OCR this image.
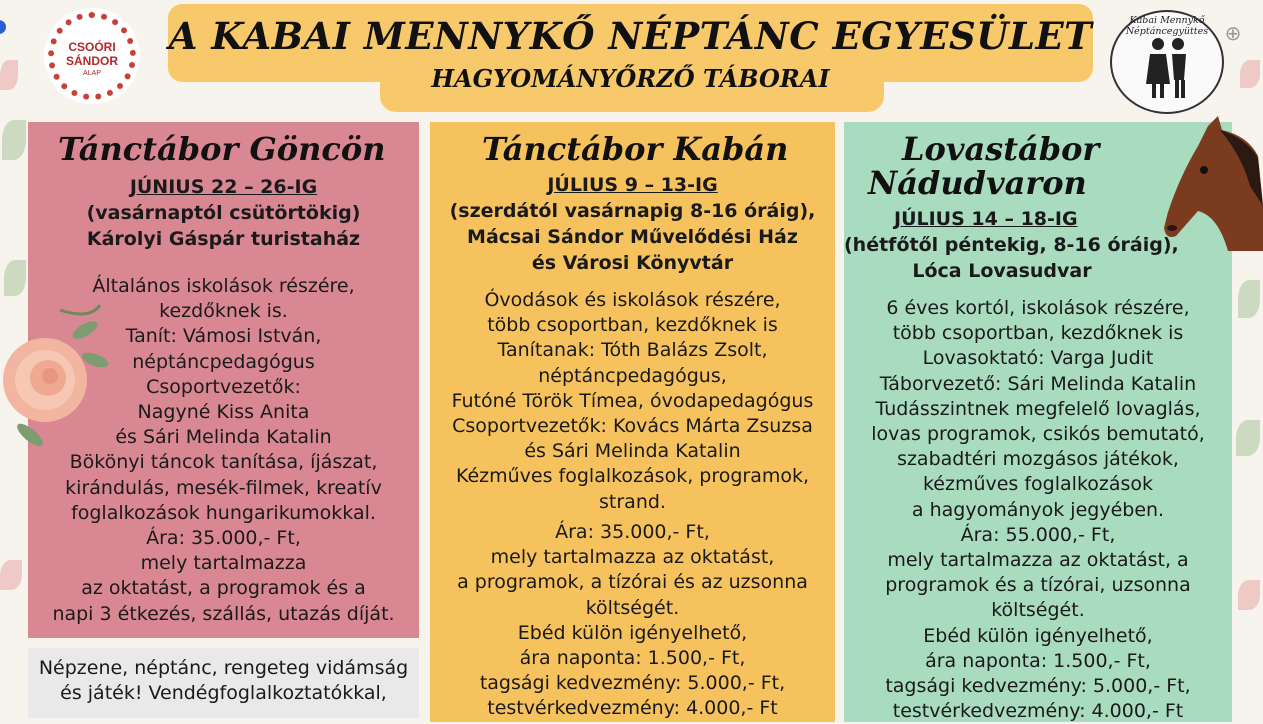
A KABAI MENNYKŐ NÉPTÁNC EGYESÜLET
HAGYOMÁNYŐRZŐ TÁBORAI
CSOÓRI
SÁNDOR
ALAP
Kabai Mennykő Néptáncegyüttes ⊕
Tánctábor Göncön
JÚNIUS 22 – 26-IG
(vasárnaptól csütörtökig)
Károlyi Gáspár turistaház
Általános iskolások részére,
kezdőknek is.
Tanít: Vámosi István,
néptáncpedagógus
Csoportvezetők:
Nagyné Kiss Anita
és Sári Melinda Katalin
Bökönyi táncok tanítása, íjászat,
kirándulás, mesék-filmek, kreatív
foglalkozások hungarikumokkal.
Ára: 35.000,- Ft,
mely tartalmazza
az oktatást, a programok és a
napi 3 étkezés, szállás, utazás díját.
Népzene, néptánc, rengeteg vidámság
és játék! Vendégfoglalkoztatókkal,
Tánctábor Kabán
JÚLIUS 9 – 13-IG
(szerdától vasárnapig 8-16 óráig),
Mácsai Sándor Művelődési Ház
és Városi Könyvtár
Óvodások és iskolások részére,
több csoportban, kezdőknek is
Tanítanak: Tóth Balázs Zsolt,
néptáncpedagógus,
Futóné Török Tímea, óvodapedagógus
Csoportvezetők: Kovács Márta Zsuzsa
és Sári Melinda Katalin
Kézműves foglalkozások, programok,
strand.
Ára: 35.000,- Ft,
mely tartalmazza az oktatást,
a programok, a tízórai és az uzsonna
költségét.
Ebéd külön igényelhető,
ára naponta: 1.500,- Ft,
tagsági kedvezmény: 5.000,- Ft,
testvérkedvezmény: 4.000,- Ft
Lovastábor
Nádudvaron
JÚLIUS 14 – 18-IG
(hétfőtől péntekig, 8-16 óráig),
Lóca Lovasudvar
6 éves kortól, iskolások részére,
több csoportban, kezdőknek is
Lovasoktató: Varga Judit
Táborvezető: Sári Melinda Katalin
Tudásszintnek megfelelő lovaglás,
lovas programok, csikós bemutató,
szabadtéri mozgásos játékok,
kézműves foglalkozások
a hagyományok jegyében.
Ára: 55.000,- Ft,
mely tartalmazza az oktatást, a
programok és a tízórai, uzsonna
költségét.
Ebéd külön igényelhető,
ára naponta: 1.500,- Ft,
tagsági kedvezmény: 5.000,- Ft,
testvérkedvezmény: 4.000,- Ft
